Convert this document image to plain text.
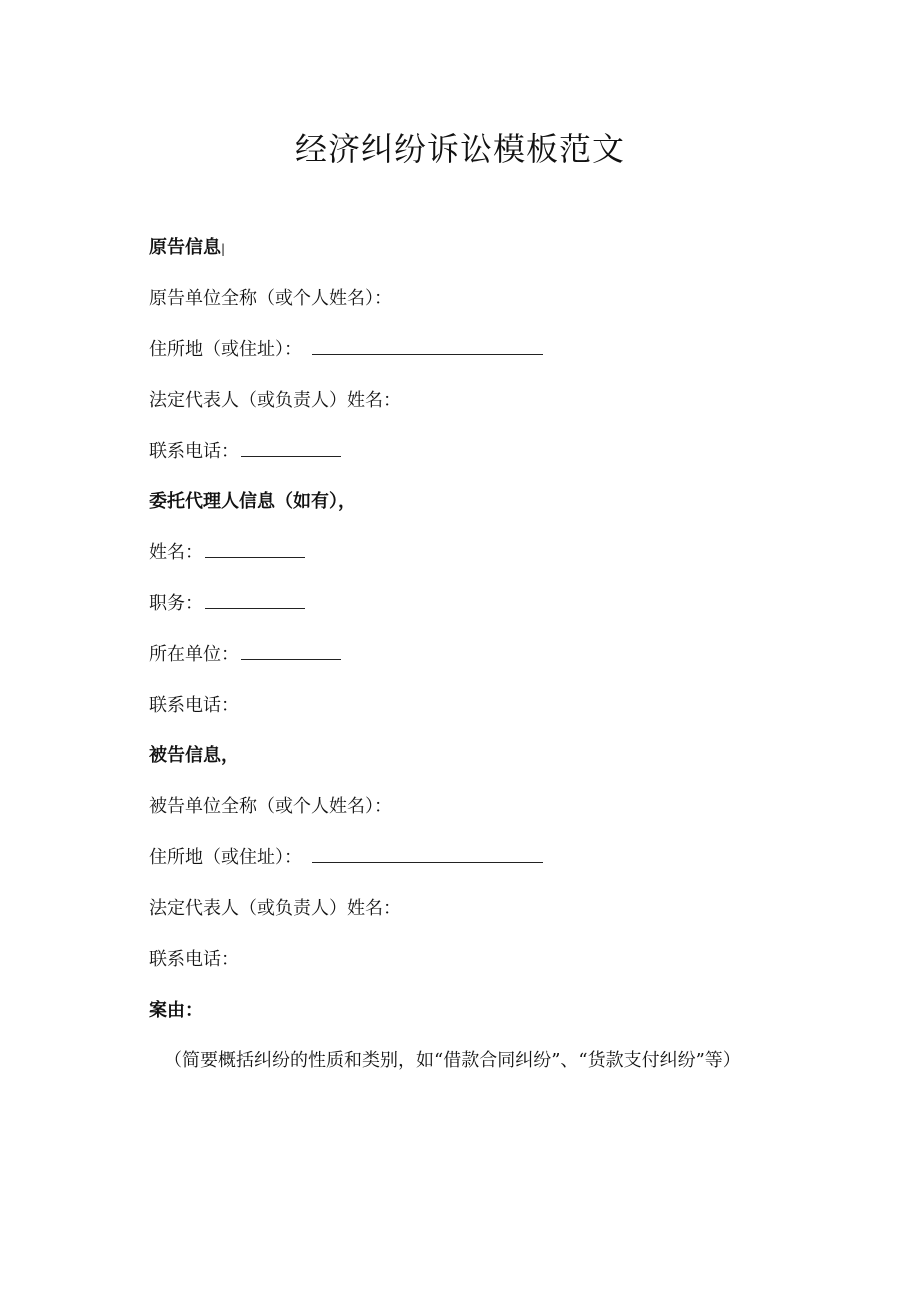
经济纠纷诉讼模板范文
原告信息|
原告单位全称（或个人姓名）：
住所地（或住址）：
法定代表人（或负责人）姓名：
联系电话：
委托代理人信息（如有），
姓名：
职务：
所在单位：
联系电话：
被告信息，
被告单位全称（或个人姓名）：
住所地（或住址）：
法定代表人（或负责人）姓名：
联系电话：
案由：
（简要概括纠纷的性质和类别，如“借款合同纠纷”、“货款支付纠纷”等）
